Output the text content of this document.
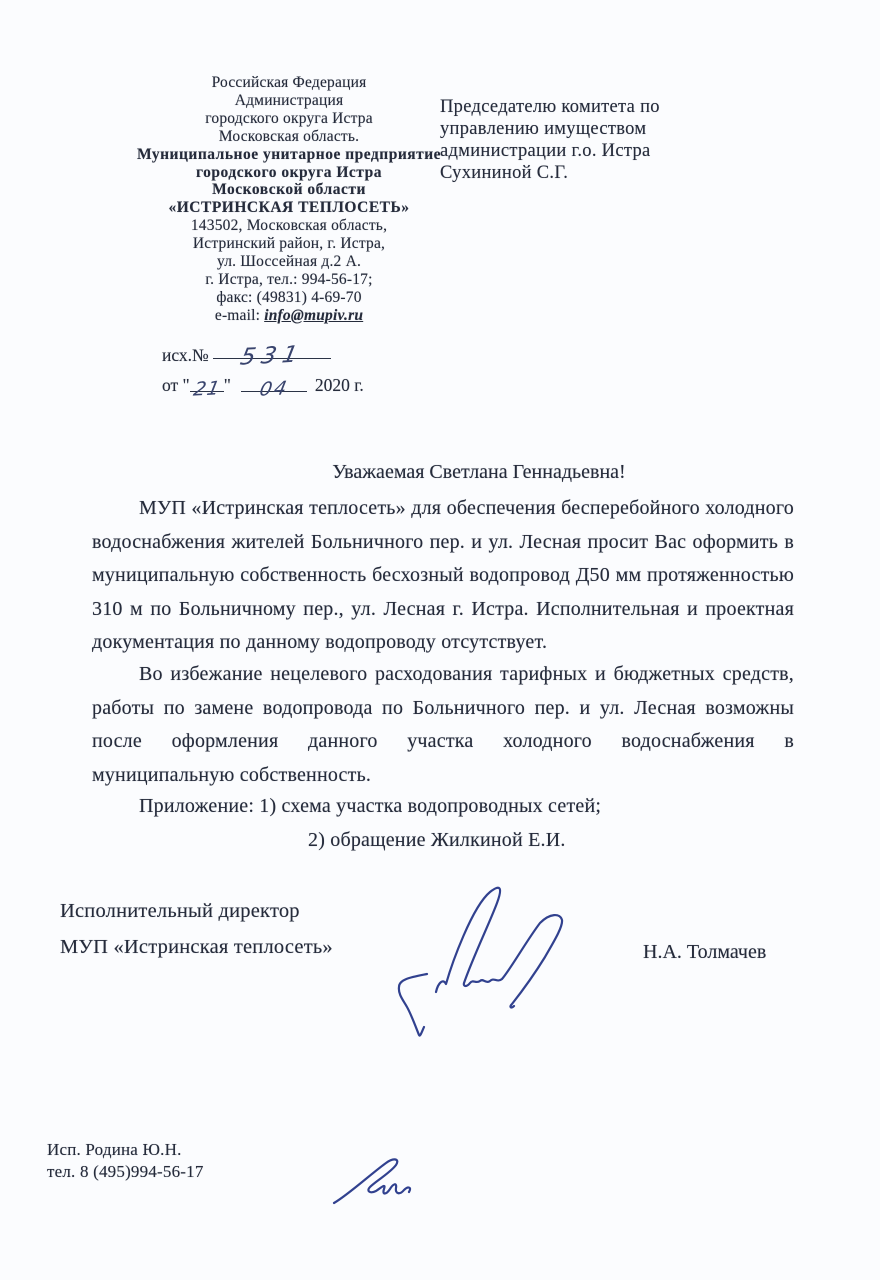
Российская Федерация
Администрация
городского округа Истра
Московская область.
Муниципальное унитарное предприятие
городского округа Истра
Московской области
«ИСТРИНСКАЯ ТЕПЛОСЕТЬ»
143502, Московская область,
Истринский район, г. Истра,
ул. Шоссейная д.2 А.
г. Истра, тел.: 994-56-17;
факс: (49831) 4-69-70
e-mail: info@mupiv.ru
исх.№ 531
от "21" 04 2020 г.
Председателю комитета по
управлению имуществом
администрации г.о. Истра
Сухининой С.Г.
Уважаемая Светлана Геннадьевна!

МУП «Истринская теплосеть» для обеспечения бесперебойного холодного водоснабжения жителей Больничного пер. и ул. Лесная просит Вас оформить в муниципальную собственность бесхозный водопровод Д50 мм протяженностью 310 м по Больничному пер., ул. Лесная г. Истра. Исполнительная и проектная документация по данному водопроводу отсутствует.

Во избежание нецелевого расходования тарифных и бюджетных средств, работы по замене водопровода по Больничного пер. и ул. Лесная возможны после оформления данного участка холодного водоснабжения в муниципальную собственность.

Приложение: 1) схема участка водопроводных сетей;
2) обращение Жилкиной Е.И.
Исполнительный директор
МУП «Истринская теплосеть»	Н.А. Толмачев
Исп. Родина Ю.Н.
тел. 8 (495)994-56-17
